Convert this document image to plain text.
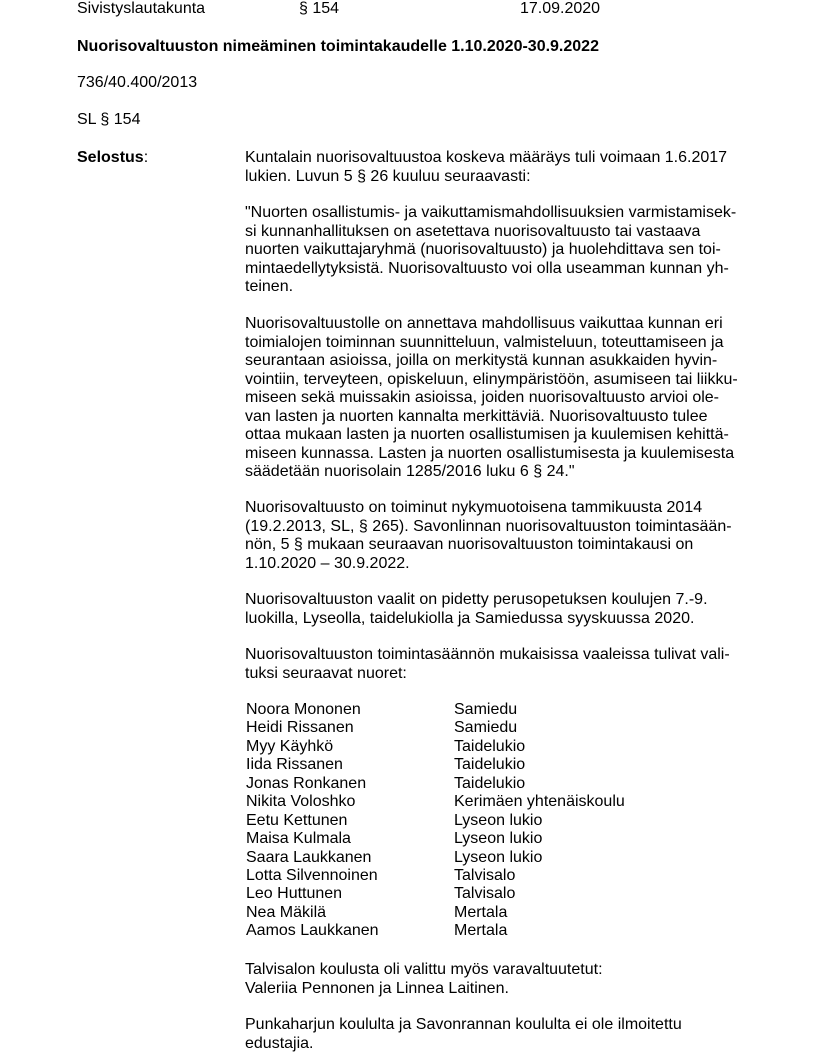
Sivistyslautakunta	§ 154	17.09.2020
Nuorisovaltuuston nimeäminen toimintakaudelle 1.10.2020-30.9.2022
736/40.400/2013
SL § 154
Selostus:	Kuntalain nuorisovaltuustoa koskeva määräys tuli voimaan 1.6.2017
lukien. Luvun 5 § 26 kuuluu seuraavasti:
"Nuorten osallistumis- ja vaikuttamismahdollisuuksien varmistamisek-
si kunnanhallituksen on asetettava nuorisovaltuusto tai vastaava
nuorten vaikuttajaryhmä (nuorisovaltuusto) ja huolehdittava sen toi-
mintaedellytyksistä. Nuorisovaltuusto voi olla useamman kunnan yh-
teinen.
Nuorisovaltuustolle on annettava mahdollisuus vaikuttaa kunnan eri
toimialojen toiminnan suunnitteluun, valmisteluun, toteuttamiseen ja
seurantaan asioissa, joilla on merkitystä kunnan asukkaiden hyvin-
vointiin, terveyteen, opiskeluun, elinympäristöön, asumiseen tai liikku-
miseen sekä muissakin asioissa, joiden nuorisovaltuusto arvioi ole-
van lasten ja nuorten kannalta merkittäviä. Nuorisovaltuusto tulee
ottaa mukaan lasten ja nuorten osallistumisen ja kuulemisen kehittä-
miseen kunnassa. Lasten ja nuorten osallistumisesta ja kuulemisesta
säädetään nuorisolain 1285/2016 luku 6 § 24."
Nuorisovaltuusto on toiminut nykymuotoisena tammikuusta 2014
(19.2.2013, SL, § 265). Savonlinnan nuorisovaltuuston toimintasään-
nön, 5 § mukaan seuraavan nuorisovaltuuston toimintakausi on
1.10.2020 – 30.9.2022.
Nuorisovaltuuston vaalit on pidetty perusopetuksen koulujen 7.-9.
luokilla, Lyseolla, taidelukiolla ja Samiedussa syyskuussa 2020.
Nuorisovaltuuston toimintasäännön mukaisissa vaaleissa tulivat vali-
tuksi seuraavat nuoret:
Noora Mononen	Samiedu
Heidi Rissanen	Samiedu
Myy Käyhkö	Taidelukio
Iida Rissanen	Taidelukio
Jonas Ronkanen	Taidelukio
Nikita Voloshko	Kerimäen yhtenäiskoulu
Eetu Kettunen	Lyseon lukio
Maisa Kulmala	Lyseon lukio
Saara Laukkanen	Lyseon lukio
Lotta Silvennoinen	Talvisalo
Leo Huttunen	Talvisalo
Nea Mäkilä	Mertala
Aamos Laukkanen	Mertala
Talvisalon koulusta oli valittu myös varavaltuutetut:
Valeriia Pennonen ja Linnea Laitinen.
Punkaharjun koululta ja Savonrannan koululta ei ole ilmoitettu
edustajia.
